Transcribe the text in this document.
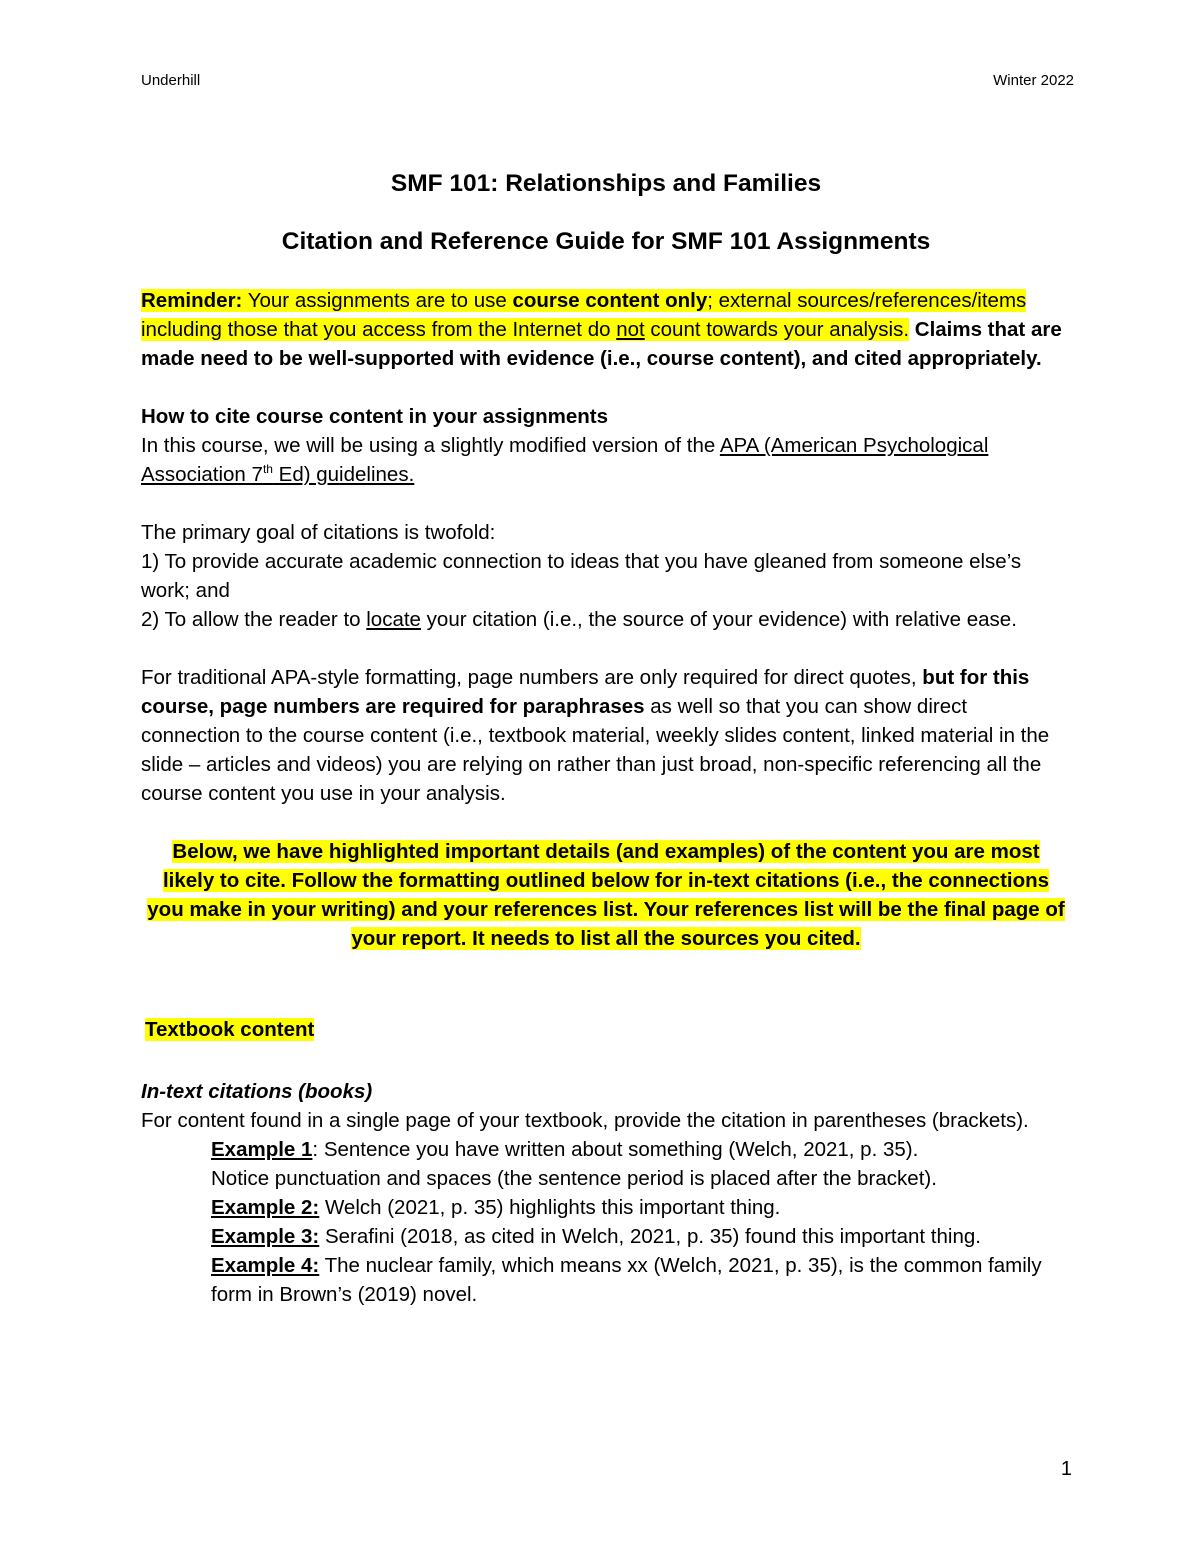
Underhill	Winter 2022

SMF 101: Relationships and Families

Citation and Reference Guide for SMF 101 Assignments

Reminder: Your assignments are to use course content only; external sources/references/items including those that you access from the Internet do not count towards your analysis. Claims that are made need to be well-supported with evidence (i.e., course content), and cited appropriately.

How to cite course content in your assignments

In this course, we will be using a slightly modified version of the APA (American Psychological Association 7th Ed) guidelines.

The primary goal of citations is twofold:

1) To provide accurate academic connection to ideas that you have gleaned from someone else’s work; and

2) To allow the reader to locate your citation (i.e., the source of your evidence) with relative ease.

For traditional APA-style formatting, page numbers are only required for direct quotes, but for this course, page numbers are required for paraphrases as well so that you can show direct connection to the course content (i.e., textbook material, weekly slides content, linked material in the slide – articles and videos) you are relying on rather than just broad, non-specific referencing all the course content you use in your analysis.

Below, we have highlighted important details (and examples) of the content you are most

likely to cite. Follow the formatting outlined below for in-text citations (i.e., the connections

you make in your writing) and your references list. Your references list will be the final page of

your report. It needs to list all the sources you cited.

Textbook content

In-text citations (books)

For content found in a single page of your textbook, provide the citation in parentheses (brackets).

Example 1: Sentence you have written about something (Welch, 2021, p. 35).

Notice punctuation and spaces (the sentence period is placed after the bracket).

Example 2: Welch (2021, p. 35) highlights this important thing.

Example 3: Serafini (2018, as cited in Welch, 2021, p. 35) found this important thing.

Example 4: The nuclear family, which means xx (Welch, 2021, p. 35), is the common family form in Brown’s (2019) novel.

1
